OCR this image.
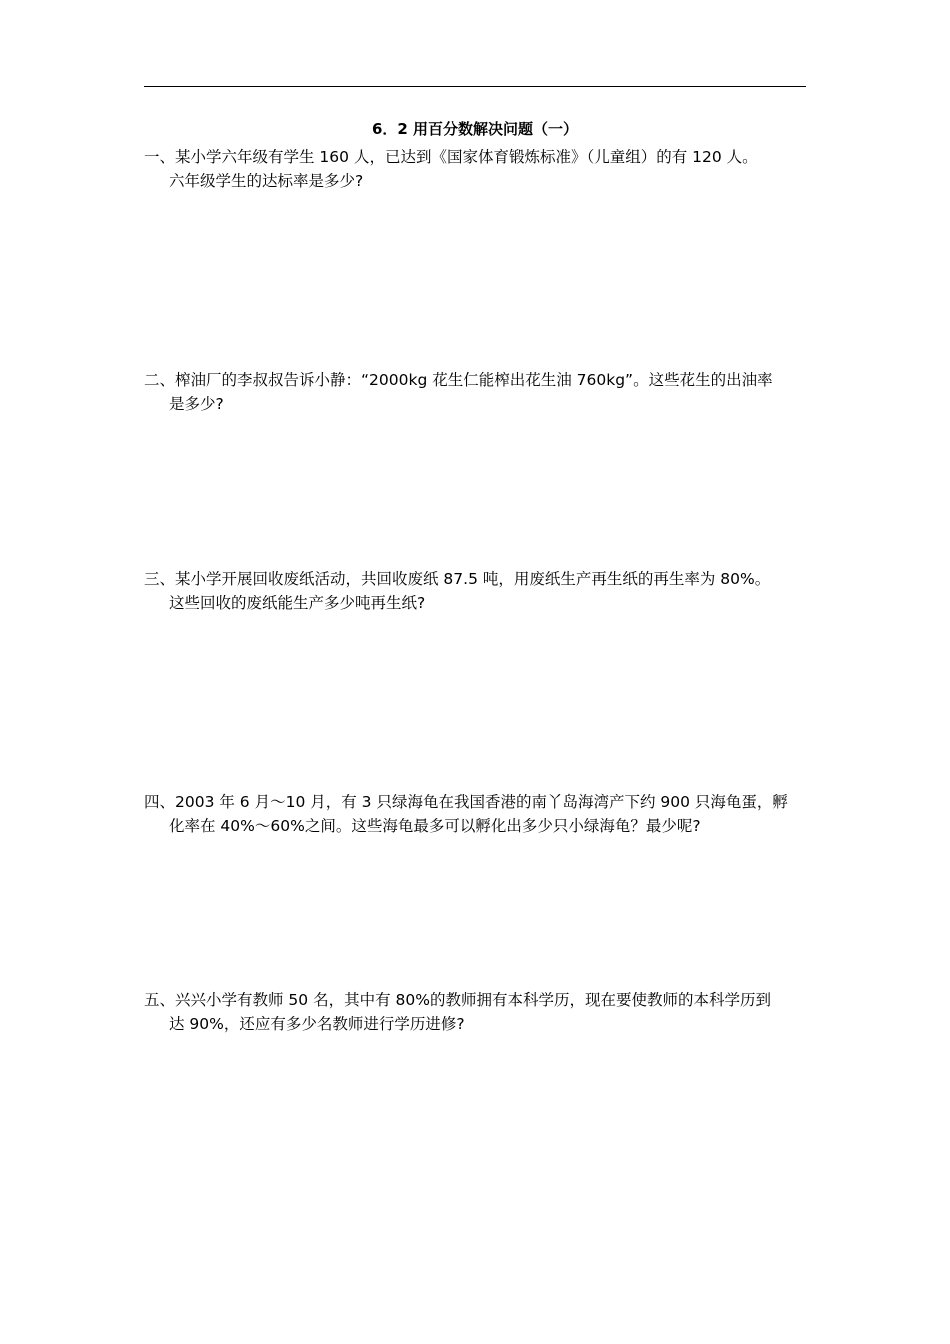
6．2 用百分数解决问题（一）
一、某小学六年级有学生 160 人，已达到《国家体育锻炼标准》（儿童组）的有 120 人。
六年级学生的达标率是多少?
二、榨油厂的李叔叔告诉小静：“2000kg 花生仁能榨出花生油 760kg”。这些花生的出油率
是多少?
三、某小学开展回收废纸活动，共回收废纸 87.5 吨，用废纸生产再生纸的再生率为 80%。
这些回收的废纸能生产多少吨再生纸?
四、2003 年 6 月～10 月，有 3 只绿海龟在我国香港的南丫岛海湾产下约 900 只海龟蛋，孵
化率在 40%～60%之间。这些海龟最多可以孵化出多少只小绿海龟？最少呢?
五、兴兴小学有教师 50 名，其中有 80%的教师拥有本科学历，现在要使教师的本科学历到
达 90%，还应有多少名教师进行学历进修?
